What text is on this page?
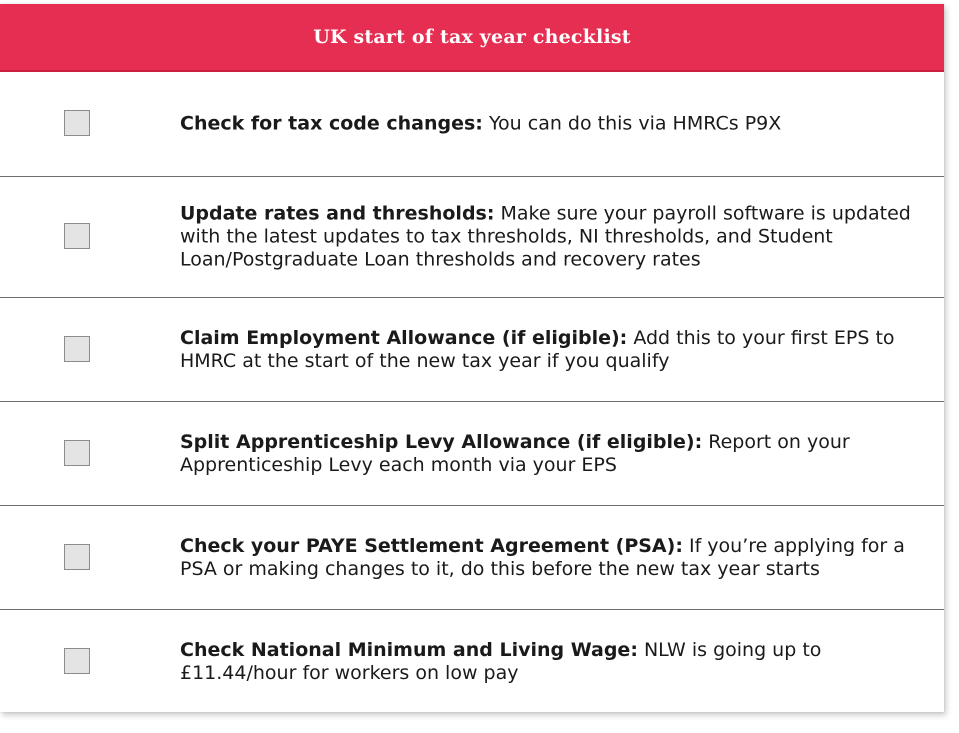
UK start of tax year checklist
Check for tax code changes: You can do this via HMRCs P9X
Update rates and thresholds: Make sure your payroll software is updated with the latest updates to tax thresholds, NI thresholds, and Student Loan/Postgraduate Loan thresholds and recovery rates
Claim Employment Allowance (if eligible): Add this to your first EPS to HMRC at the start of the new tax year if you qualify
Split Apprenticeship Levy Allowance (if eligible): Report on your Apprenticeship Levy each month via your EPS
Check your PAYE Settlement Agreement (PSA): If you’re applying for a PSA or making changes to it, do this before the new tax year starts
Check National Minimum and Living Wage: NLW is going up to £11.44/hour for workers on low pay
